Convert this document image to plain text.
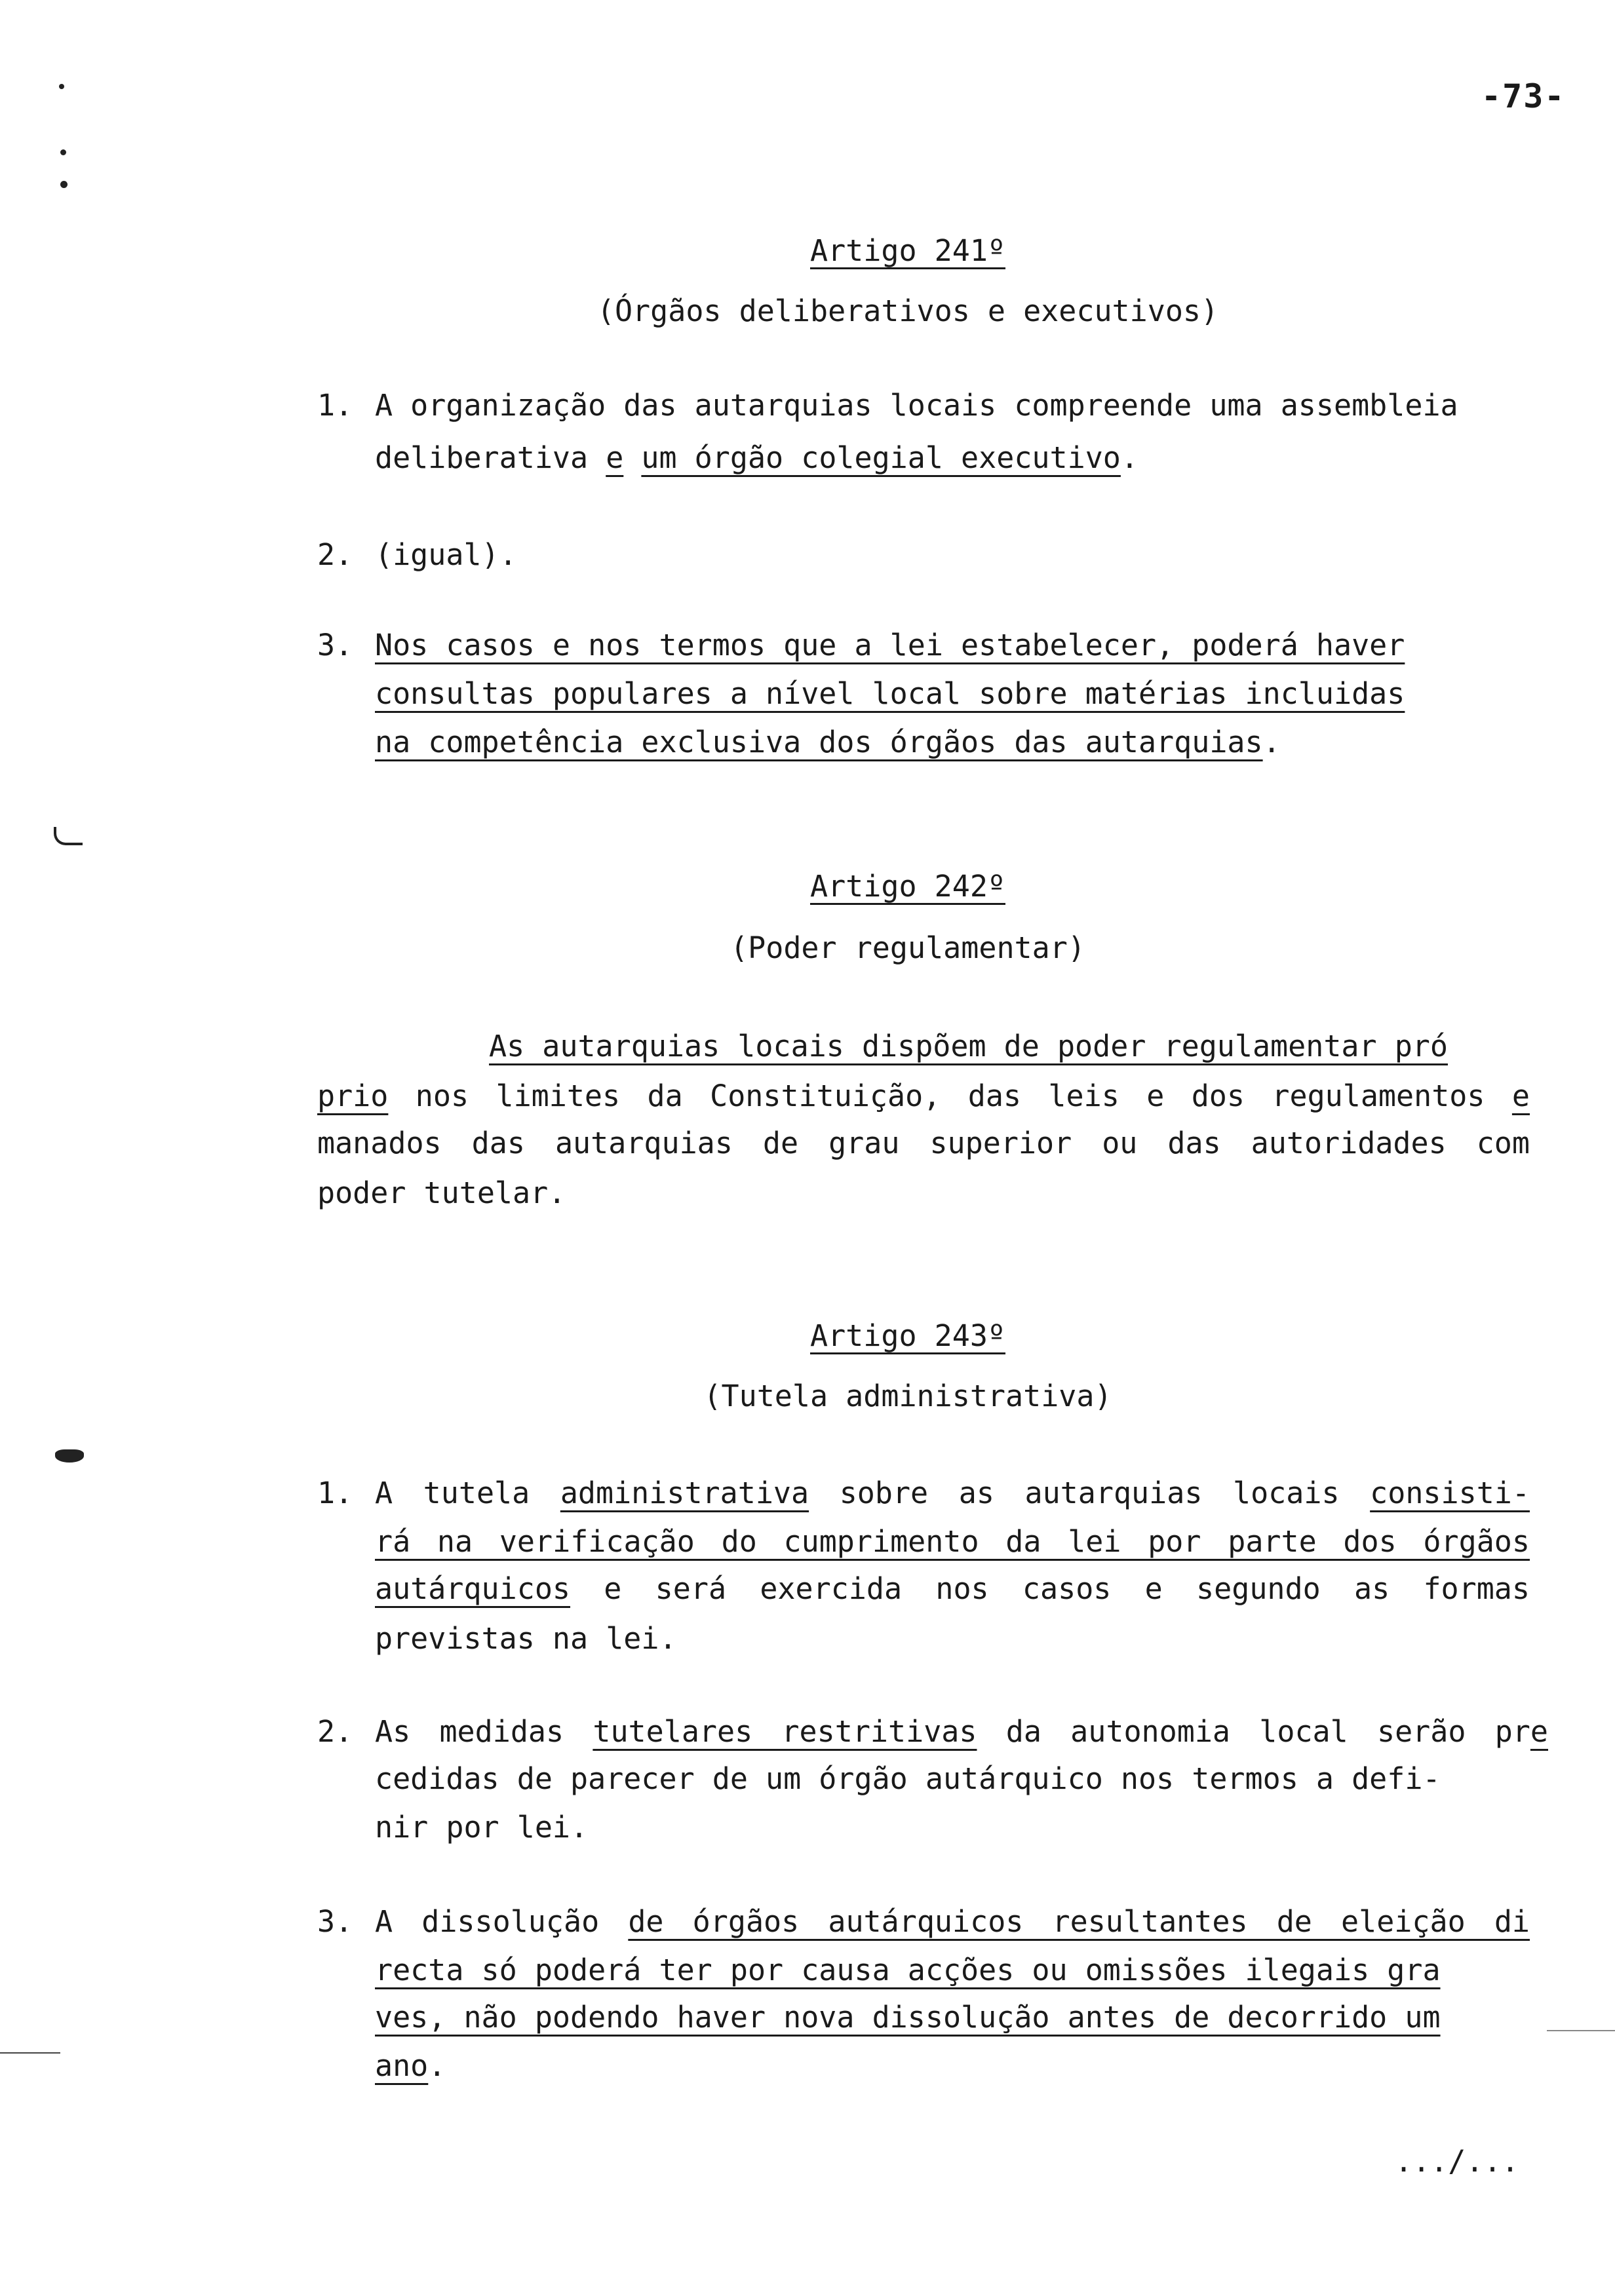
-73-
Artigo 241º
(Órgãos deliberativos e executivos)
1. A organização das autarquias locais compreende uma assembleia
deliberativa e um órgão colegial executivo.
2. (igual).
3. Nos casos e nos termos que a lei estabelecer, poderá haver
consultas populares a nível local sobre matérias incluidas
na competência exclusiva dos órgãos das autarquias.
Artigo 242º
(Poder regulamentar)
As autarquias locais dispõem de poder regulamentar pró
prio nos limites da Constituição, das leis e dos regulamentos e
manados das autarquias de grau superior ou das autoridades com
poder tutelar.
Artigo 243º
(Tutela administrativa)
1. A tutela administrativa sobre as autarquias locais consisti-
rá na verificação do cumprimento da lei por parte dos órgãos
autárquicos e será exercida nos casos e segundo as formas
previstas na lei.
2. As medidas tutelares restritivas da autonomia local serão pre
cedidas de parecer de um órgão autárquico nos termos a defi-
nir por lei.
3. A dissolução de órgãos autárquicos resultantes de eleição di
recta só poderá ter por causa acções ou omissões ilegais gra
ves, não podendo haver nova dissolução antes de decorrido um
ano.
.../...
